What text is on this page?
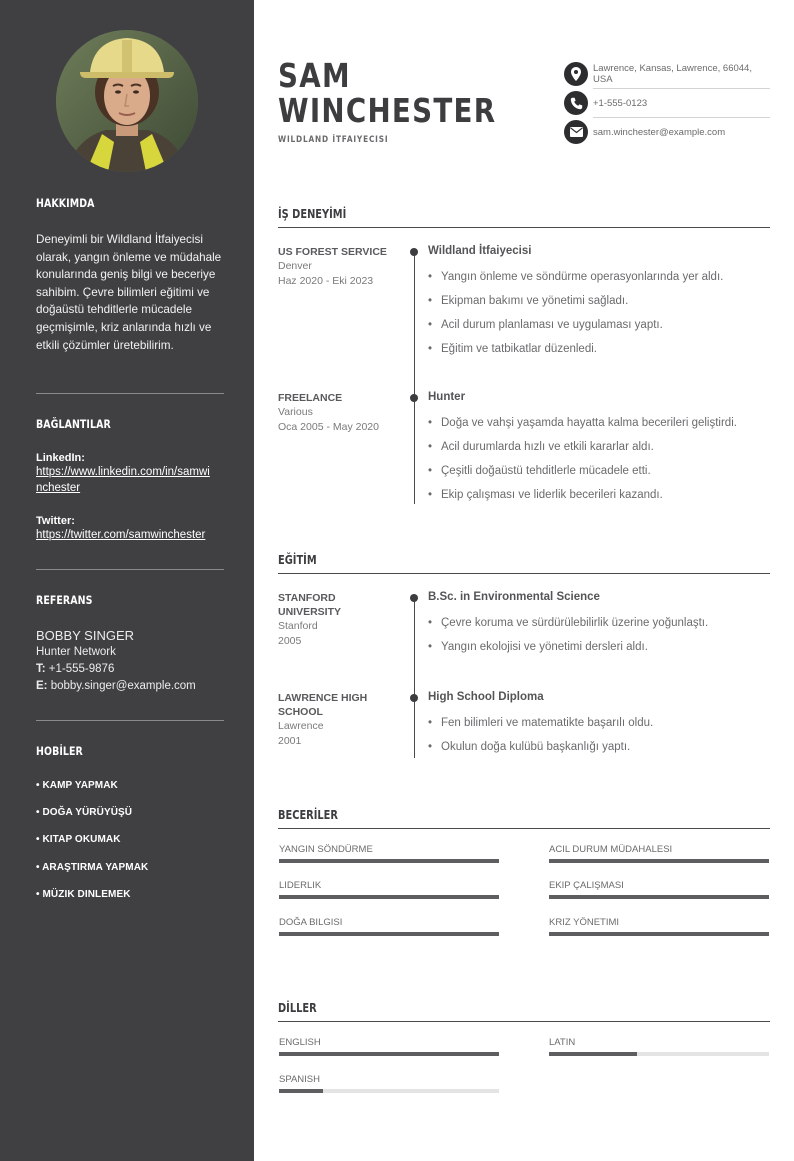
HAKKIMDA
Deneyimli bir Wildland İtfaiyecisi olarak, yangın önleme ve müdahale konularında geniş bilgi ve beceriye sahibim. Çevre bilimleri eğitimi ve doğaüstü tehditlerle mücadele geçmişimle, kriz anlarında hızlı ve etkili çözümler üretebilirim.
BAĞLANTILAR
LinkedIn:
https://www.linkedin.com/in/samwinchester
Twitter:
https://twitter.com/samwinchester
REFERANS
BOBBY SINGER
Hunter Network
T: +1-555-9876
E: bobby.singer@example.com
HOBİLER
• KAMP YAPMAK
• DOĞA YÜRÜYÜŞÜ
• KITAP OKUMAK
• ARAŞTIRMA YAPMAK
• MÜZIK DINLEMEK
SAM
WINCHESTER
WILDLAND İTFAIYECISI
Lawrence, Kansas, Lawrence, 66044, USA
+1-555-0123
sam.winchester@example.com
İŞ DENEYİMİ
US FOREST SERVICE
Denver
Haz 2020 - Eki 2023
Wildland İtfaiyecisi
• Yangın önleme ve söndürme operasyonlarında yer aldı.
• Ekipman bakımı ve yönetimi sağladı.
• Acil durum planlaması ve uygulaması yaptı.
• Eğitim ve tatbikatlar düzenledi.
FREELANCE
Various
Oca 2005 - May 2020
Hunter
• Doğa ve vahşi yaşamda hayatta kalma becerileri geliştirdi.
• Acil durumlarda hızlı ve etkili kararlar aldı.
• Çeşitli doğaüstü tehditlerle mücadele etti.
• Ekip çalışması ve liderlik becerileri kazandı.
EĞİTİM
STANFORD UNIVERSITY
Stanford
2005
B.Sc. in Environmental Science
• Çevre koruma ve sürdürülebilirlik üzerine yoğunlaştı.
• Yangın ekolojisi ve yönetimi dersleri aldı.
LAWRENCE HIGH SCHOOL
Lawrence
2001
High School Diploma
• Fen bilimleri ve matematikte başarılı oldu.
• Okulun doğa kulübü başkanlığı yaptı.
BECERİLER
YANGIN SÖNDÜRME	ACIL DURUM MÜDAHALESI
LIDERLIK	EKIP ÇALIŞMASI
DOĞA BILGISI	KRIZ YÖNETIMI
DİLLER
ENGLISH	LATIN
SPANISH
